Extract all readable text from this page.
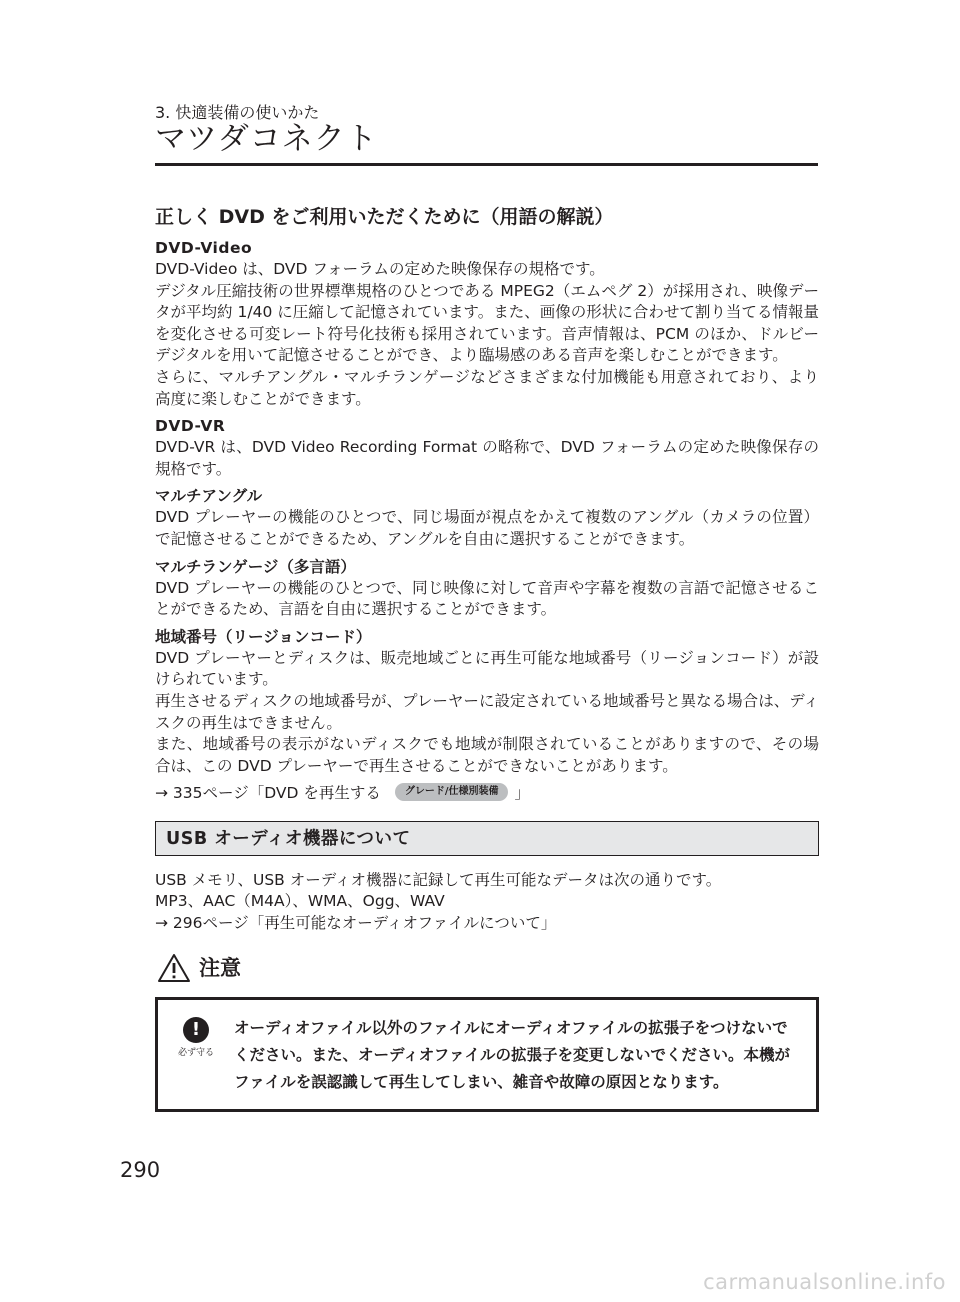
3. 快適装備の使いかた
マツダコネクト
正しく DVD をご利用いただくために（用語の解説）
DVD-Video

DVD-Video は、DVD フォーラムの定めた映像保存の規格です。

デジタル圧縮技術の世界標準規格のひとつである MPEG2（エムペグ 2）が採用され、映像データが平均約 1/40 に圧縮して記憶されています。また、画像の形状に合わせて割り当てる情報量を変化させる可変レート符号化技術も採用されています。音声情報は、PCM のほか、ドルビーデジタルを用いて記憶させることができ、より臨場感のある音声を楽しむことができます。

さらに、マルチアングル・マルチランゲージなどさまざまな付加機能も用意されており、より高度に楽しむことができます。

DVD-VR

DVD-VR は、DVD Video Recording Format の略称で、DVD フォーラムの定めた映像保存の規格です。

マルチアングル

DVD プレーヤーの機能のひとつで、同じ場面が視点をかえて複数のアングル（カメラの位置）で記憶させることができるため、アングルを自由に選択することができます。

マルチランゲージ（多言語）

DVD プレーヤーの機能のひとつで、同じ映像に対して音声や字幕を複数の言語で記憶させることができるため、言語を自由に選択することができます。

地域番号（リージョンコード）

DVD プレーヤーとディスクは、販売地域ごとに再生可能な地域番号（リージョンコード）が設けられています。

再生させるディスクの地域番号が、プレーヤーに設定されている地域番号と異なる場合は、ディスクの再生はできません。

また、地域番号の表示がないディスクでも地域が制限されていることがありますので、その場合は、この DVD プレーヤーで再生させることができないことがあります。

→ 335ページ「DVD を再生する グレード/仕様別装備 」

USB オーディオ機器について

USB メモリ、USB オーディオ機器に記録して再生可能なデータは次の通りです。

MP3、AAC（M4A）、WMA、Ogg、WAV

→ 296ページ「再生可能なオーディオファイルについて」

注意
!
必ず守る
オーディオファイル以外のファイルにオーディオファイルの拡張子をつけないでください。また、オーディオファイルの拡張子を変更しないでください。本機がファイルを誤認識して再生してしまい、雑音や故障の原因となります。
290
carmanualsonline.info
